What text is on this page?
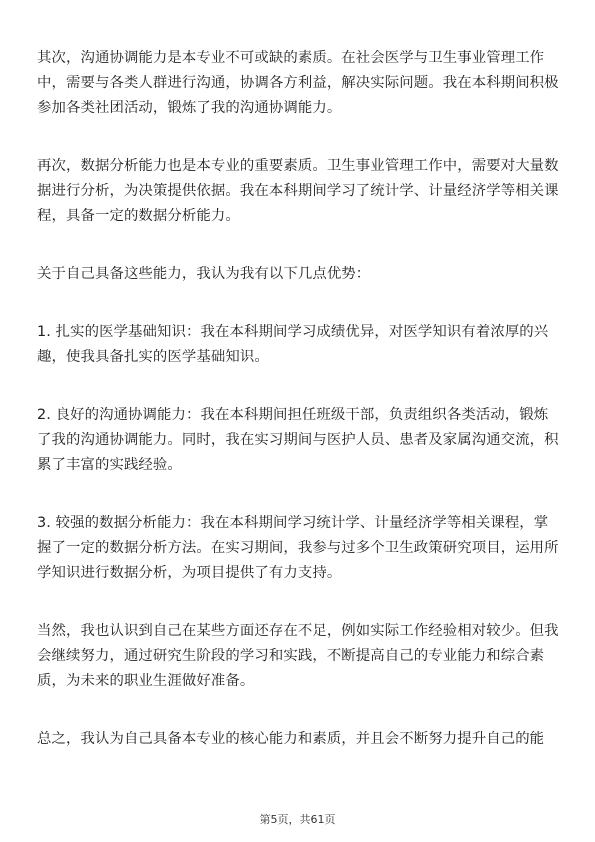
其次，沟通协调能力是本专业不可或缺的素质。在社会医学与卫生事业管理工作中，需要与各类人群进行沟通，协调各方利益，解决实际问题。我在本科期间积极参加各类社团活动，锻炼了我的沟通协调能力。

再次，数据分析能力也是本专业的重要素质。卫生事业管理工作中，需要对大量数据进行分析，为决策提供依据。我在本科期间学习了统计学、计量经济学等相关课程，具备一定的数据分析能力。

关于自己具备这些能力，我认为我有以下几点优势：

1. 扎实的医学基础知识：我在本科期间学习成绩优异，对医学知识有着浓厚的兴趣，使我具备扎实的医学基础知识。

2. 良好的沟通协调能力：我在本科期间担任班级干部，负责组织各类活动，锻炼了我的沟通协调能力。同时，我在实习期间与医护人员、患者及家属沟通交流，积累了丰富的实践经验。

3. 较强的数据分析能力：我在本科期间学习统计学、计量经济学等相关课程，掌握了一定的数据分析方法。在实习期间，我参与过多个卫生政策研究项目，运用所学知识进行数据分析，为项目提供了有力支持。

当然，我也认识到自己在某些方面还存在不足，例如实际工作经验相对较少。但我会继续努力，通过研究生阶段的学习和实践，不断提高自己的专业能力和综合素质，为未来的职业生涯做好准备。

总之，我认为自己具备本专业的核心能力和素质，并且会不断努力提升自己的能

第5页，共61页
